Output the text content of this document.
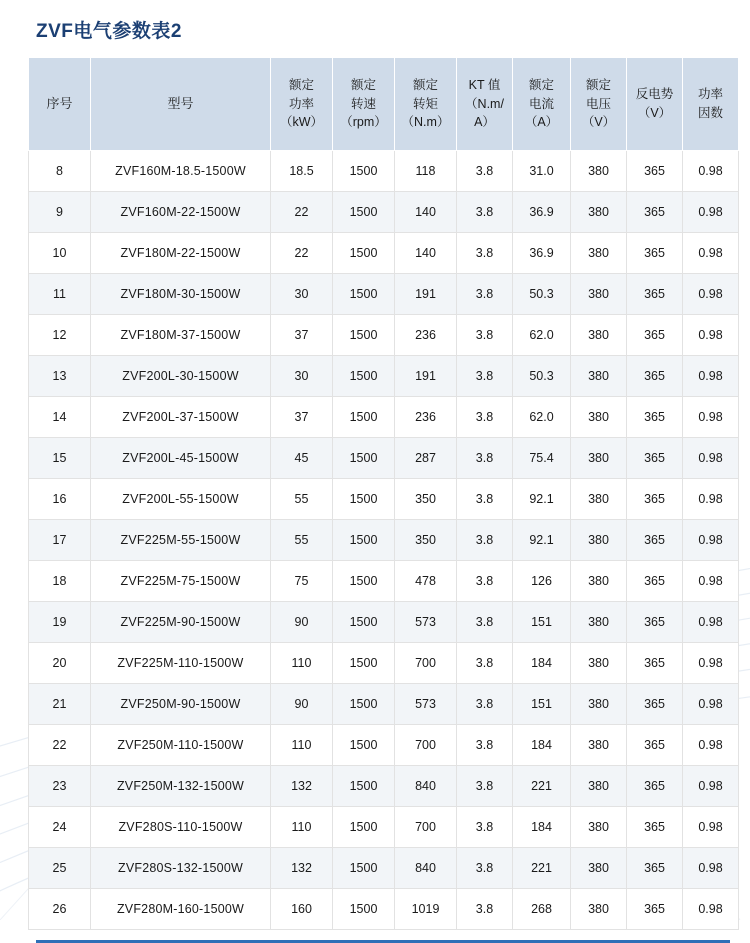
ZVF电气参数表2
序号	型号	额定
功率
（kW）	额定
转速
（rpm）	额定
转矩
（N.m）	KT 值
（N.m/
A）	额定
电流
（A）	额定
电压
（V）	反电势
（V）	功率
因数

8	ZVF160M-18.5-1500W	18.5	1500	118	3.8	31.0	380	365	0.98
9	ZVF160M-22-1500W	22	1500	140	3.8	36.9	380	365	0.98
10	ZVF180M-22-1500W	22	1500	140	3.8	36.9	380	365	0.98
11	ZVF180M-30-1500W	30	1500	191	3.8	50.3	380	365	0.98
12	ZVF180M-37-1500W	37	1500	236	3.8	62.0	380	365	0.98
13	ZVF200L-30-1500W	30	1500	191	3.8	50.3	380	365	0.98
14	ZVF200L-37-1500W	37	1500	236	3.8	62.0	380	365	0.98
15	ZVF200L-45-1500W	45	1500	287	3.8	75.4	380	365	0.98
16	ZVF200L-55-1500W	55	1500	350	3.8	92.1	380	365	0.98
17	ZVF225M-55-1500W	55	1500	350	3.8	92.1	380	365	0.98
18	ZVF225M-75-1500W	75	1500	478	3.8	126	380	365	0.98
19	ZVF225M-90-1500W	90	1500	573	3.8	151	380	365	0.98
20	ZVF225M-110-1500W	110	1500	700	3.8	184	380	365	0.98
21	ZVF250M-90-1500W	90	1500	573	3.8	151	380	365	0.98
22	ZVF250M-110-1500W	110	1500	700	3.8	184	380	365	0.98
23	ZVF250M-132-1500W	132	1500	840	3.8	221	380	365	0.98
24	ZVF280S-110-1500W	110	1500	700	3.8	184	380	365	0.98
25	ZVF280S-132-1500W	132	1500	840	3.8	221	380	365	0.98
26	ZVF280M-160-1500W	160	1500	1019	3.8	268	380	365	0.98
